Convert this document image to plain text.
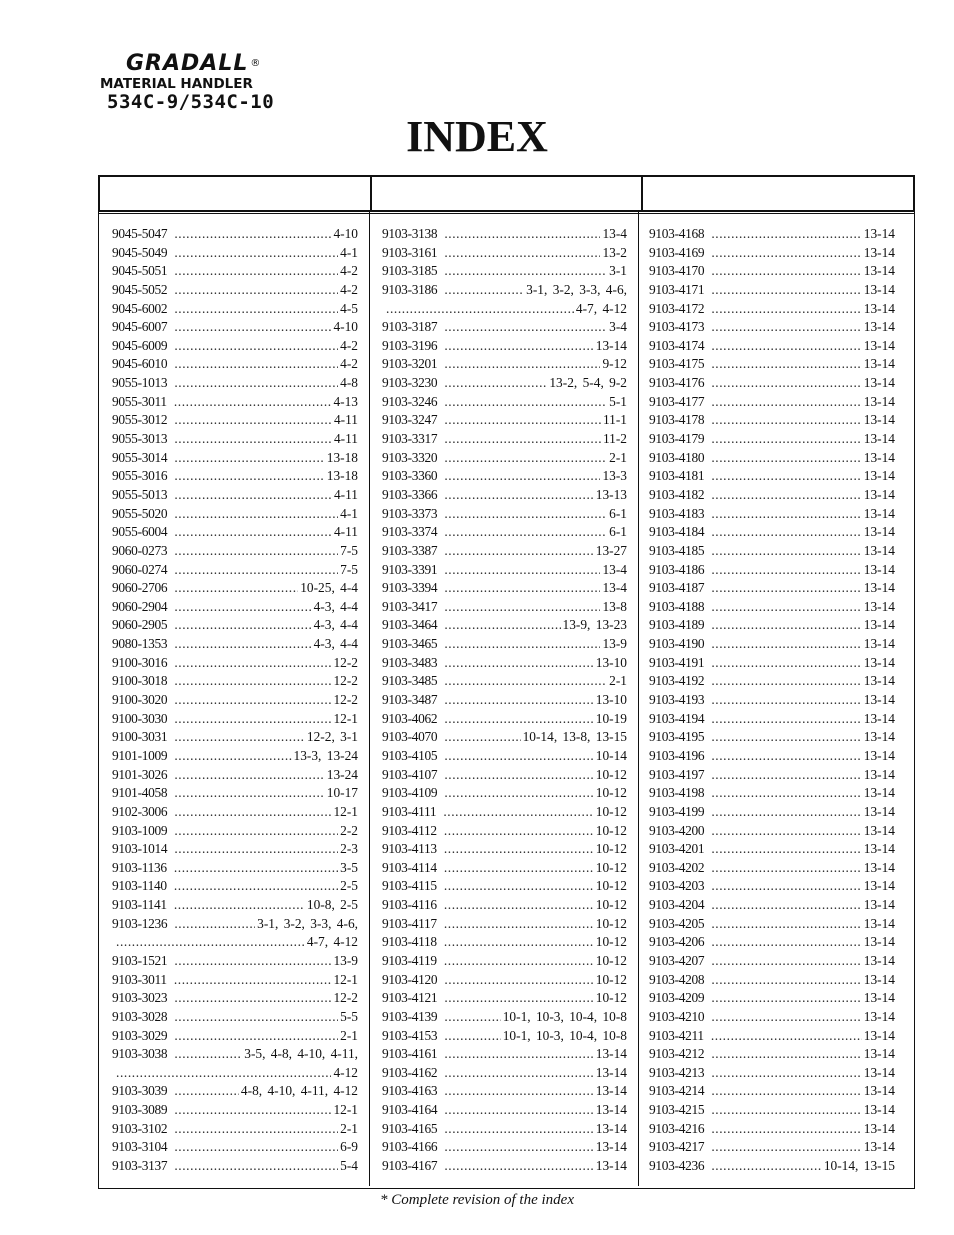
GRADALL ®
MATERIAL HANDLER
534C-9/534C-10
INDEX
9045-5047 .....	4-10
9045-5049 .....	4-1
9045-5051 .....	4-2
9045-5052 .....	4-2
9045-6002 .....	4-5
9045-6007 .....	4-10
9045-6009 .....	4-2
9045-6010 .....	4-2
9055-1013 .....	4-8
9055-3011 .....	4-13
9055-3012 .....	4-11
9055-3013 .....	4-11
9055-3014 .....	13-18
9055-3016 .....	13-18
9055-5013 .....	4-11
9055-5020 .....	4-1
9055-6004 .....	4-11
9060-0273 .....	7-5
9060-0274 .....	7-5
9060-2706 .....	10-25, 4-4
9060-2904 .....	4-3, 4-4
9060-2905 .....	4-3, 4-4
9080-1353 .....	4-3, 4-4
9100-3016 .....	12-2
9100-3018 .....	12-2
9100-3020 .....	12-2
9100-3030 .....	12-1
9100-3031 .....	12-2, 3-1
9101-1009 .....	13-3, 13-24
9101-3026 .....	13-24
9101-4058 .....	10-17
9102-3006 .....	12-1
9103-1009 .....	2-2
9103-1014 .....	2-3
9103-1136 .....	3-5
9103-1140 .....	2-5
9103-1141 .....	10-8, 2-5
9103-1236 .....	3-1, 3-2, 3-3, 4-6,
.....
4-7, 4-12
9103-1521 .....	13-9
9103-3011 .....	12-1
9103-3023 .....	12-2
9103-3028 .....	5-5
9103-3029 .....	2-1
9103-3038 .....	3-5, 4-8, 4-10, 4-11,
.....
4-12
9103-3039 .....	4-8, 4-10, 4-11, 4-12
9103-3089 .....	12-1
9103-3102 .....	2-1
9103-3104 .....	6-9
9103-3137 .....	5-4
9103-3138 .....	13-4
9103-3161 .....	13-2
9103-3185 .....	3-1
9103-3186 .....	3-1, 3-2, 3-3, 4-6,
.....
4-7, 4-12
9103-3187 .....	3-4
9103-3196 .....	13-14
9103-3201 .....	9-12
9103-3230 .....	13-2, 5-4, 9-2
9103-3246 .....	5-1
9103-3247 .....	11-1
9103-3317 .....	11-2
9103-3320 .....	2-1
9103-3360 .....	13-3
9103-3366 .....	13-13
9103-3373 .....	6-1
9103-3374 .....	6-1
9103-3387 .....	13-27
9103-3391 .....	13-4
9103-3394 .....	13-4
9103-3417 .....	13-8
9103-3464 .....	13-9, 13-23
9103-3465 .....	13-9
9103-3483 .....	13-10
9103-3485 .....	2-1
9103-3487 .....	13-10
9103-4062 .....	10-19
9103-4070 .....	10-14, 13-8, 13-15
9103-4105 .....	10-14
9103-4107 .....	10-12
9103-4109 .....	10-12
9103-4111 .....	10-12
9103-4112 .....	10-12
9103-4113 .....	10-12
9103-4114 .....	10-12
9103-4115 .....	10-12
9103-4116 .....	10-12
9103-4117 .....	10-12
9103-4118 .....	10-12
9103-4119 .....	10-12
9103-4120 .....	10-12
9103-4121 .....	10-12
9103-4139 .....	10-1, 10-3, 10-4, 10-8
9103-4153 .....	10-1, 10-3, 10-4, 10-8
9103-4161 .....	13-14
9103-4162 .....	13-14
9103-4163 .....	13-14
9103-4164 .....	13-14
9103-4165 .....	13-14
9103-4166 .....	13-14
9103-4167 .....	13-14
9103-4168 .....	13-14
9103-4169 .....	13-14
9103-4170 .....	13-14
9103-4171 .....	13-14
9103-4172 .....	13-14
9103-4173 .....	13-14
9103-4174 .....	13-14
9103-4175 .....	13-14
9103-4176 .....	13-14
9103-4177 .....	13-14
9103-4178 .....	13-14
9103-4179 .....	13-14
9103-4180 .....	13-14
9103-4181 .....	13-14
9103-4182 .....	13-14
9103-4183 .....	13-14
9103-4184 .....	13-14
9103-4185 .....	13-14
9103-4186 .....	13-14
9103-4187 .....	13-14
9103-4188 .....	13-14
9103-4189 .....	13-14
9103-4190 .....	13-14
9103-4191 .....	13-14
9103-4192 .....	13-14
9103-4193 .....	13-14
9103-4194 .....	13-14
9103-4195 .....	13-14
9103-4196 .....	13-14
9103-4197 .....	13-14
9103-4198 .....	13-14
9103-4199 .....	13-14
9103-4200 .....	13-14
9103-4201 .....	13-14
9103-4202 .....	13-14
9103-4203 .....	13-14
9103-4204 .....	13-14
9103-4205 .....	13-14
9103-4206 .....	13-14
9103-4207 .....	13-14
9103-4208 .....	13-14
9103-4209 .....	13-14
9103-4210 .....	13-14
9103-4211 .....	13-14
9103-4212 .....	13-14
9103-4213 .....	13-14
9103-4214 .....	13-14
9103-4215 .....	13-14
9103-4216 .....	13-14
9103-4217 .....	13-14
9103-4236 .....	10-14, 13-15
* Complete revision of the index
